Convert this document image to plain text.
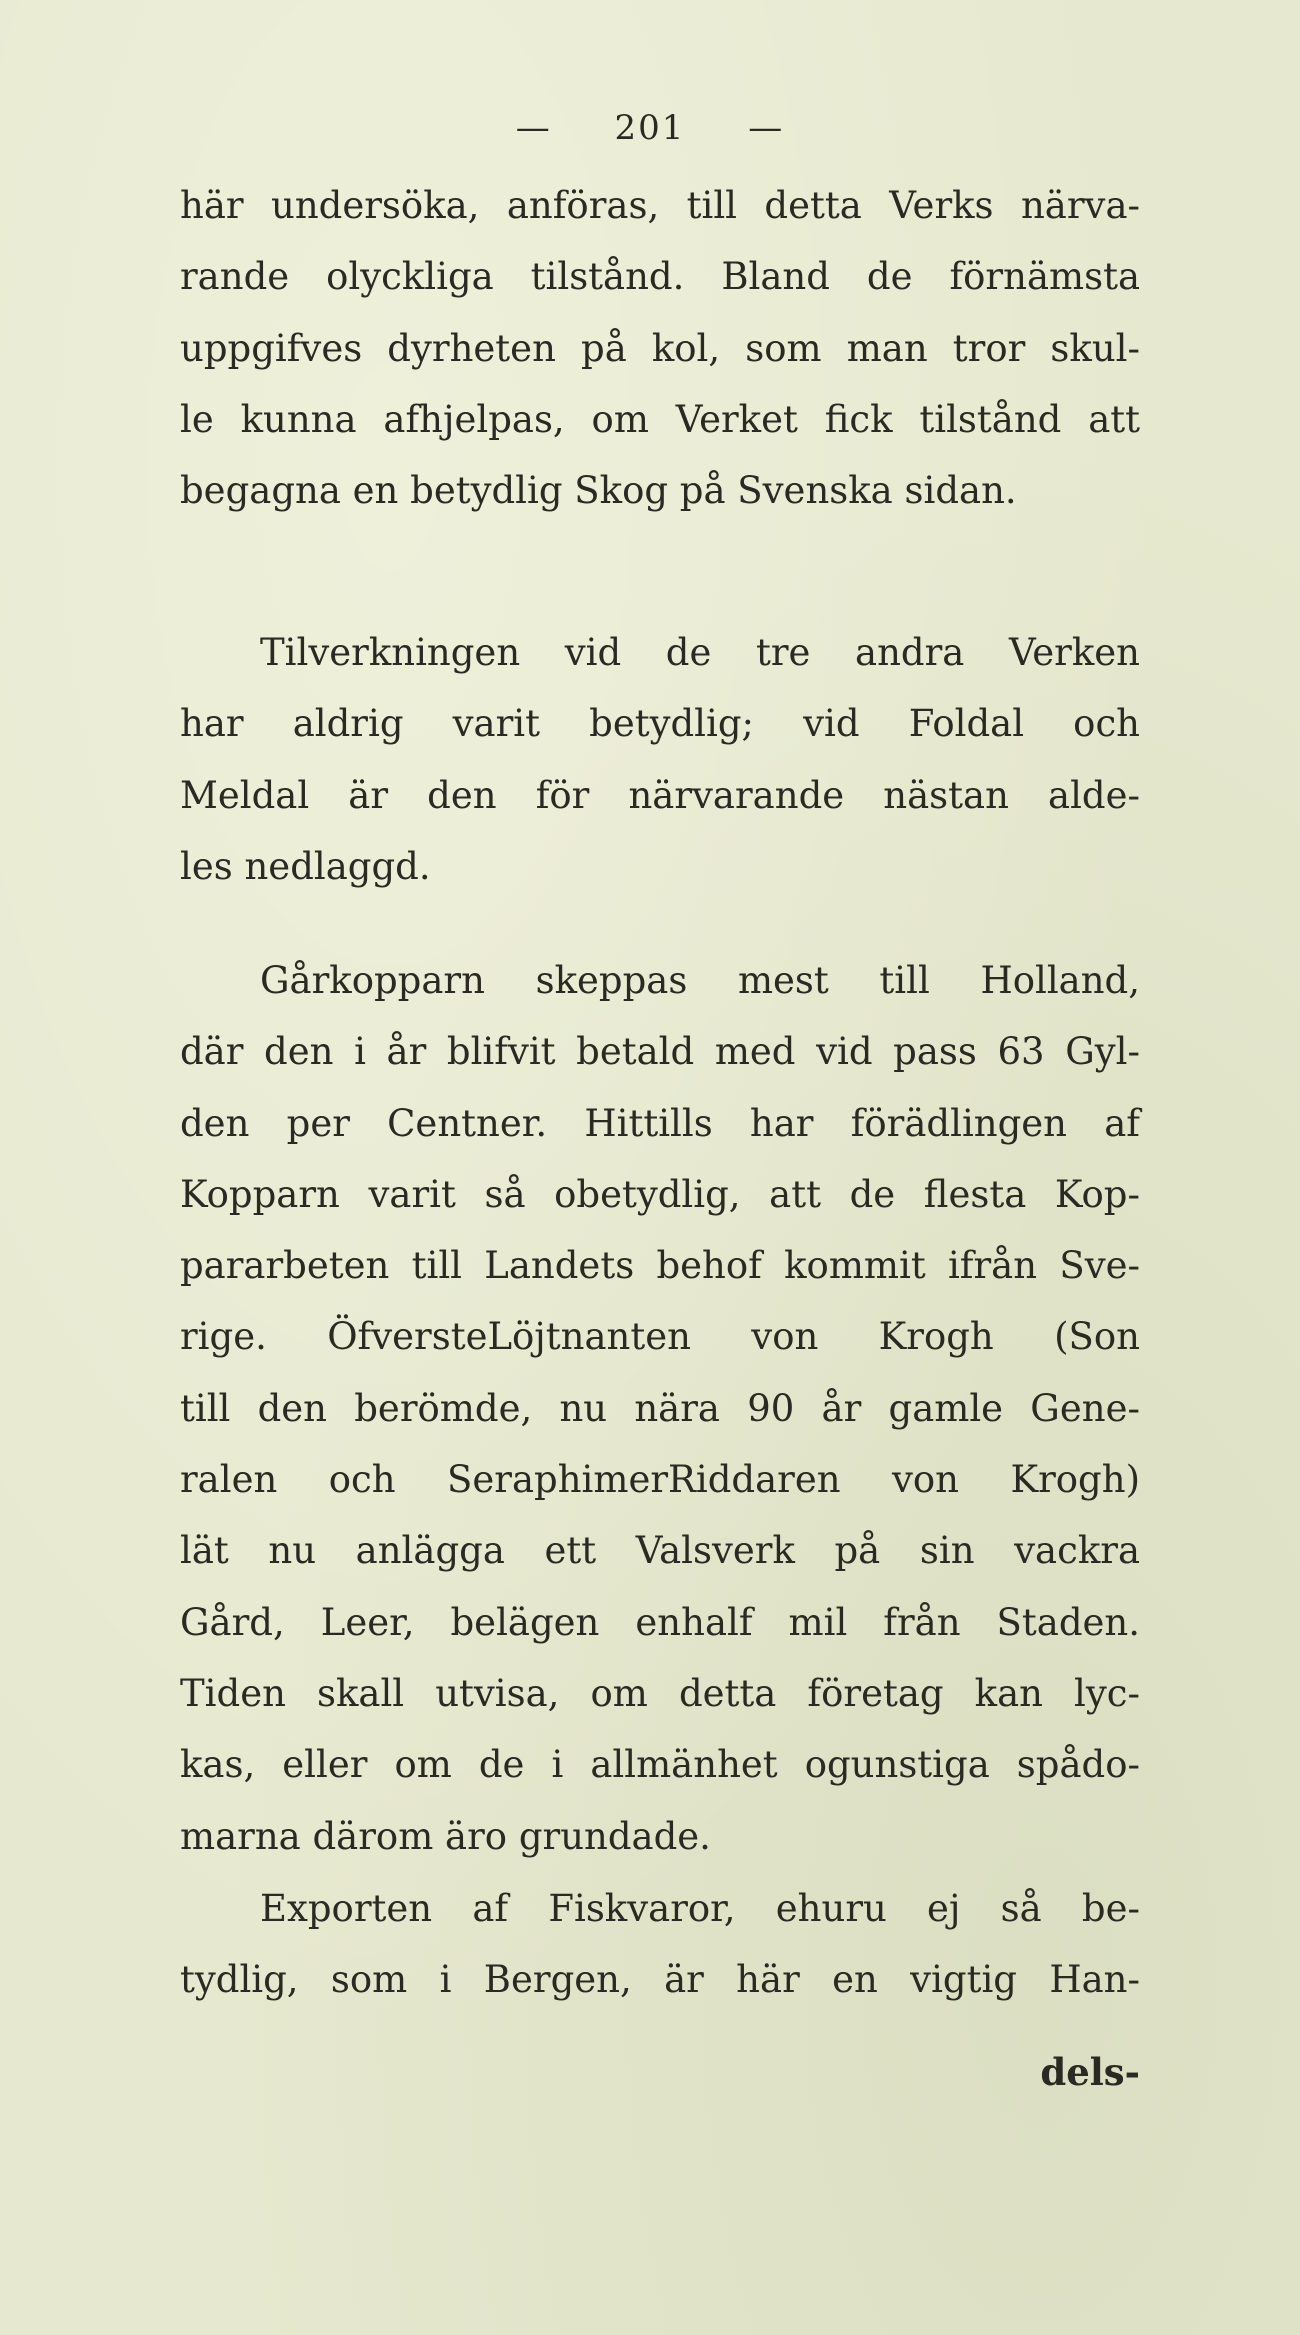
— 201 —
här undersöka, anföras, till detta Verks närva-
rande olyckliga tilstånd. Bland de förnämsta
uppgifves dyrheten på kol, som man tror skul-
le kunna afhjelpas, om Verket fick tilstånd att
begagna en betydlig Skog på Svenska sidan.
Tilverkningen vid de tre andra Verken
har aldrig varit betydlig; vid Foldal och
Meldal är den för närvarande nästan alde-
les nedlaggd.
Gårkopparn skeppas mest till Holland,
där den i år blifvit betald med vid pass 63 Gyl-
den per Centner. Hittills har förädlingen af
Kopparn varit så obetydlig, att de flesta Kop-
pararbeten till Landets behof kommit ifrån Sve-
rige. ÖfversteLöjtnanten von Krogh (Son
till den berömde, nu nära 90 år gamle Gene-
ralen och SeraphimerRiddaren von Krogh)
lät nu anlägga ett Valsverk på sin vackra
Gård, Leer, belägen enhalf mil från Staden.
Tiden skall utvisa, om detta företag kan lyc-
kas, eller om de i allmänhet ogunstiga spådo-
marna därom äro grundade.
Exporten af Fiskvaror, ehuru ej så be-
tydlig, som i Bergen, är här en vigtig Han-
dels-
